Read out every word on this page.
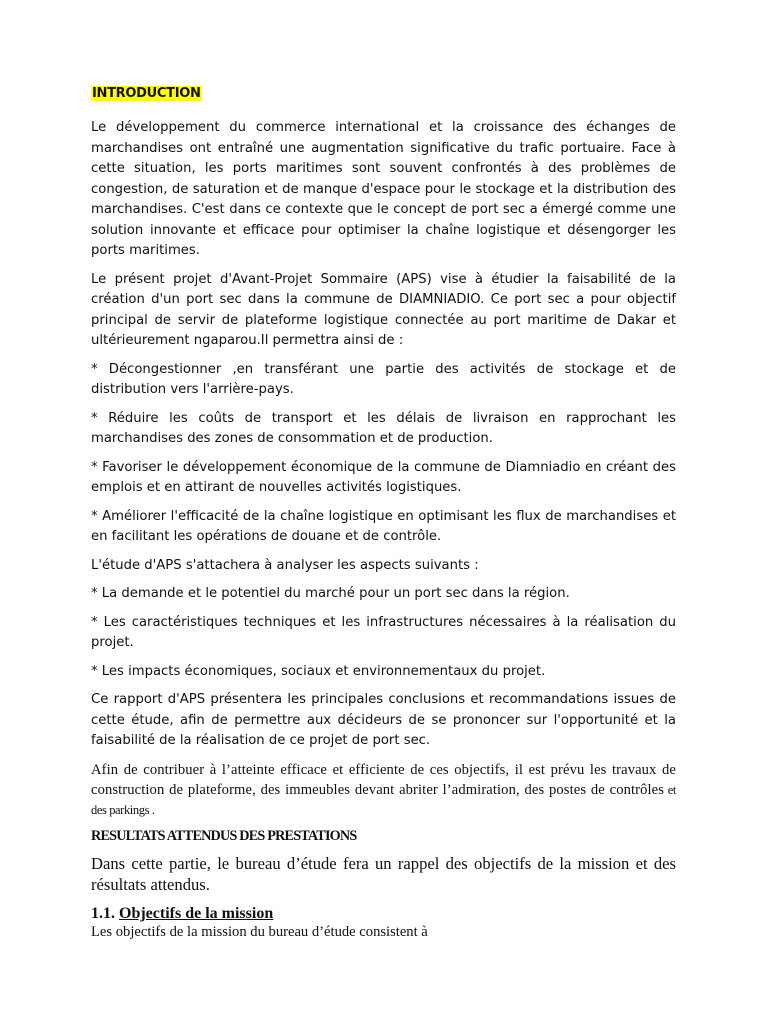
INTRODUCTION

Le développement du commerce international et la croissance des échanges de marchandises ont entraîné une augmentation significative du trafic portuaire. Face à cette situation, les ports maritimes sont souvent confrontés à des problèmes de congestion, de saturation et de manque d'espace pour le stockage et la distribution des marchandises. C'est dans ce contexte que le concept de port sec a émergé comme une solution innovante et efficace pour optimiser la chaîne logistique et désengorger les ports maritimes.

Le présent projet d'Avant-Projet Sommaire (APS) vise à étudier la faisabilité de la création d'un port sec dans la commune de DIAMNIADIO. Ce port sec a pour objectif principal de servir de plateforme logistique connectée au port maritime de Dakar et ultérieurement ngaparou.Il permettra ainsi de :

* Décongestionner ,en transférant une partie des activités de stockage et de distribution vers l'arrière-pays.

* Réduire les coûts de transport et les délais de livraison en rapprochant les marchandises des zones de consommation et de production.

* Favoriser le développement économique de la commune de Diamniadio en créant des emplois et en attirant de nouvelles activités logistiques.

* Améliorer l'efficacité de la chaîne logistique en optimisant les flux de marchandises et en facilitant les opérations de douane et de contrôle.

L'étude d'APS s'attachera à analyser les aspects suivants :

* La demande et le potentiel du marché pour un port sec dans la région.

* Les caractéristiques techniques et les infrastructures nécessaires à la réalisation du projet.

* Les impacts économiques, sociaux et environnementaux du projet.

Ce rapport d'APS présentera les principales conclusions et recommandations issues de cette étude, afin de permettre aux décideurs de se prononcer sur l'opportunité et la faisabilité de la réalisation de ce projet de port sec.

Afin de contribuer à l’atteinte efficace et efficiente de ces objectifs, il est prévu les travaux de construction de plateforme, des immeubles devant abriter l’admiration, des postes de contrôles et des parkings .

RESULTATS ATTENDUS DES PRESTATIONS

Dans cette partie, le bureau d’étude fera un rappel des objectifs de la mission et des résultats attendus.

1.1. Objectifs de la mission
Les objectifs de la mission du bureau d’étude consistent à
